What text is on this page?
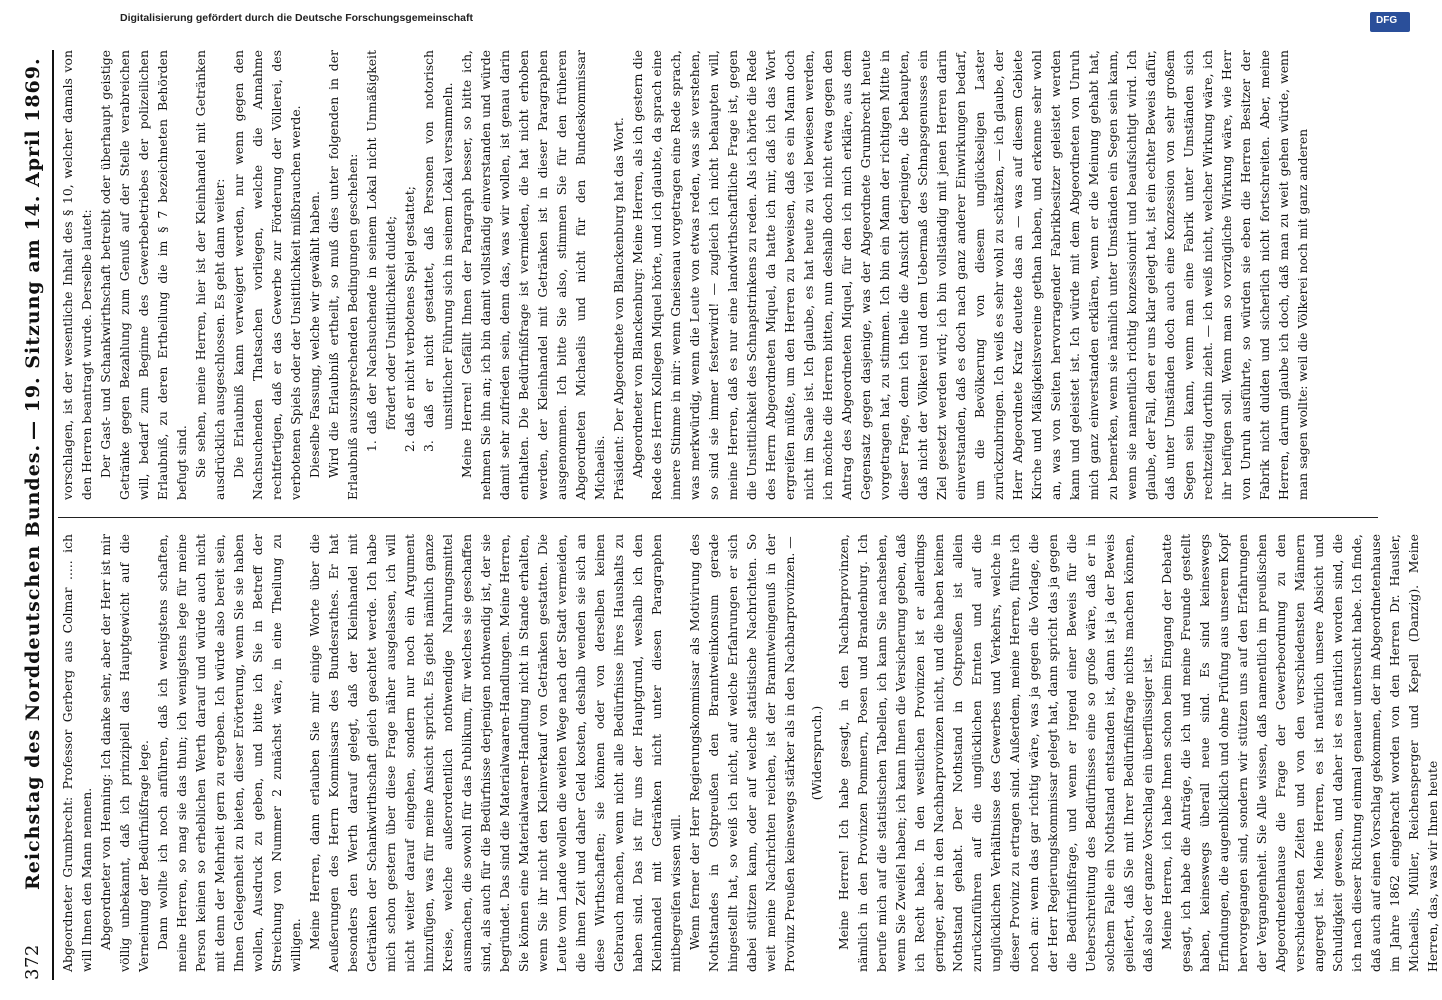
372
Reichstag des Norddeutschen Bundes.
— 19. Sitzung am 14. April 1869.

Abgeordneter Grumbrecht: Professor Gerberg aus Colmar ..... ich will Ihnen den Mann nennen. Abgeordneter von Henning: Ich danke sehr, aber der Herr ist mir völlig unbekannt, daß ich prinzipiell das Hauptgewicht auf die Verneinung der Bedürfnißfrage lege. Dann wollte ich noch anführen, daß ich wenigstens schaften, meine Herren, so mag sie das thun; ich wenigstens lege für meine Person keinen so erheblichen Werth darauf und würde auch nicht mit denn der Mehrheit gern zu ergeben. Ich würde also bereit sein, Ihnen Gelegenheit zu bieten, dieser Erörterung, wenn Sie sie haben wollen, Ausdruck zu geben, und bitte ich Sie in Betreff der Streichung von Nummer 2 zunächst wäre, in eine Theilung zu willigen. Meine Herren, dann erlauben Sie mir einige Worte über die Aeußerungen des Herrn Kommissars des Bundesrathes. Er hat besonders den Werth darauf gelegt, daß der Kleinhandel mit Getränken der Schankwirthschaft gleich geachtet werde. Ich habe mich schon gestern über diese Frage näher ausgelassen, ich will nicht weiter darauf eingehen, sondern nur noch ein Argument hinzufügen, was für meine Ansicht spricht. Es giebt nämlich ganze Kreise, welche außerordentlich nothwendige Nahrungsmittel ausmachen, die sowohl für das Publikum, für welches sie geschaffen sind, als auch für die Bedürfnisse derjenigen nothwendig ist, der sie begründet. Das sind die Materialwaaren-Handlungen. Meine Herren, Sie können eine Materialwaaren-Handlung nicht in Stande erhalten, wenn Sie ihr nicht den Kleinverkauf von Getränken gestatten. Die Leute vom Lande wollen die weiten Wege nach der Stadt vermeiden, die ihnen Zeit und daher Geld kosten, deshalb wenden sie sich an diese Wirthschaften; sie können oder von derselben keinen Gebrauch machen, wenn nicht alle Bedürfnisse ihres Haushalts zu haben sind. Das ist für uns der Hauptgrund, weshalb ich den Kleinhandel mit Getränken nicht unter diesen Paragraphen mitbegreifen wissen will. Wenn ferner der Herr Regierungskommissar als Motivirung des Nothstandes in Ostpreußen den Branntweinkonsum gerade hingestellt hat, so weiß ich nicht, auf welche Erfahrungen er sich dabei stützen kann, oder auf welche statistische Nachrichten. So weit meine Nachrichten reichen, ist der Branntweingenuß in der Provinz Preußen keineswegs stärker als in den Nachbarprovinzen. — (Widerspruch.) Meine Herren! Ich habe gesagt, in den Nachbarprovinzen, nämlich in den Provinzen Pommern, Posen und Brandenburg. Ich berufe mich auf die statistischen Tabellen, ich kann Sie nachsehen, wenn Sie Zweifel haben; ich kann Ihnen die Versicherung geben, daß ich Recht habe. In den westlichen Provinzen ist er allerdings geringer, aber in den Nachbarprovinzen nicht, und die haben keinen Nothstand gehabt. Der Nothstand in Ostpreußen ist allein zurückzuführen auf die unglücklichen Ernten und auf die unglücklichen Verhältnisse des Gewerbes und Verkehrs, welche in dieser Provinz zu ertragen sind. Außerdem, meine Herren, führe ich noch an: wenn das gar richtig wäre, was ja gegen die Vorlage, die der Herr Regierungskommissar gelegt hat, dann spricht das ja gegen die Bedürfnißfrage, und wenn er irgend einer Beweis für die Ueberschreitung des Bedürfnisses eine so große wäre, daß er in solchem Falle ein Nothstand entstanden ist, dann ist ja der Beweis geliefert, daß Sie mit Ihrer Bedürfnißfrage nichts machen können, daß also der ganze Vorschlag ein überflüssiger ist. Meine Herren, ich habe Ihnen schon beim Eingang der Debatte gesagt, ich habe die Anträge, die ich und meine Freunde gestellt haben, keineswegs überall neue sind. Es sind keineswegs Erfindungen, die augenblicklich und ohne Prüfung aus unserem Kopf hervorgegangen sind, sondern wir stützen uns auf den Erfahrungen der Vergangenheit. Sie Alle wissen, daß namentlich im preußischen Abgeordnetenhause die Frage der Gewerbeordnung zu den verschiedensten Zeiten und von den verschiedensten Männern angeregt ist. Meine Herren, es ist natürlich unsere Absicht und Schuldigkeit gewesen, und daher ist es natürlich worden sind, die ich nach dieser Richtung einmal genauer untersucht habe. Ich finde, daß auch auf einen Vorschlag gekommen, der im Abgeordnetenhause im Jahre 1862 eingebracht worden von den Herren Dr. Hausler, Michaelis, Müller, Reichensperger und Kepell (Danzig). Meine Herren, das, was wir Ihnen heute

vorschlagen, ist der wesentliche Inhalt des § 10, welcher damals von den Herren beantragt wurde. Derselbe lautet: Der Gast- und Schankwirthschaft betreibt oder überhaupt geistige Getränke gegen Bezahlung zum Genuß auf der Stelle verabreichen will, bedarf zum Beginne des Gewerbebetriebes der polizeilichen Erlaubniß, zu deren Ertheilung die im § 7 bezeichneten Behörden befugt sind. Sie sehen, meine Herren, hier ist der Kleinhandel mit Getränken ausdrücklich ausgeschlossen. Es geht dann weiter: Die Erlaubniß kann verweigert werden, nur wenn gegen den Nachsuchenden Thatsachen vorliegen, welche die Annahme rechtfertigen, daß er das Gewerbe zur Förderung der Völlerei, des verbotenen Spiels oder der Unsittlichkeit mißbrauchen werde. Dieselbe Fassung, welche wir gewählt haben. Wird die Erlaubniß ertheilt, so muß dies unter folgenden in der Erlaubniß auszusprechenden Bedingungen geschehen: 1. daß der Nachsuchende in seinem Lokal nicht Unmäßigkeit fördert oder Unsittlichkeit duldet; 2. daß er nicht verbotenes Spiel gestattet; 3. daß er nicht gestattet, daß Personen von notorisch unsittlicher Führung sich in seinem Lokal versammeln. Meine Herren! Gefällt Ihnen der Paragraph besser, so bitte ich, nehmen Sie ihn an; ich bin damit vollständig einverstanden und würde damit sehr zufrieden sein, denn das, was wir wollen, ist genau darin enthalten. Die Bedürfnißfrage ist vermieden, die hat nicht erhoben werden, der Kleinhandel mit Getränken ist in dieser Paragraphen ausgenommen. Ich bitte Sie also, stimmen Sie für den früheren Abgeordneten Michaelis und nicht für den Bundeskommissar Michaelis. Präsident: Der Abgeordnete von Blanckenburg hat das Wort. Abgeordneter von Blanckenburg: Meine Herren, als ich gestern die Rede des Herrn Kollegen Miquel hörte, und ich glaubte, da sprach eine innere Stimme in mir: wenn Gneisenau vorgetragen eine Rede sprach, was merkwürdig, wenn die Leute von etwas reden, was sie verstehen, so sind sie immer festerwird! — zugleich ich nicht behaupten will, meine Herren, daß es nur eine landwirthschaftliche Frage ist, gegen die Unsittlichkeit des Schnapstrinkens zu reden. Als ich hörte die Rede des Herrn Abgeordneten Miquel, da hatte ich mir, daß ich das Wort ergreifen müßte, um den Herren zu beweisen, daß es ein Mann doch nicht im Saale ist. Ich glaube, es hat heute zu viel bewiesen werden, ich möchte die Herren bitten, nun deshalb doch nicht etwa gegen den Antrag des Abgeordneten Miquel, für den ich mich erkläre, aus dem Gegensatz gegen dasjenige, was der Abgeordnete Grumbrecht heute vorgetragen hat, zu stimmen. Ich bin ein Mann der richtigen Mitte in dieser Frage, denn ich theile die Ansicht derjenigen, die behaupten, daß nicht der Völkerei und dem Uebermaß des Schnapsgenusses ein Ziel gesetzt werden wird; ich bin vollständig mit jenen Herren darin einverstanden, daß es doch nach ganz anderer Einwirkungen bedarf, um die Bevölkerung von diesem unglückseligen Laster zurückzubringen. Ich weiß es sehr wohl zu schätzen, — ich glaube, der Herr Abgeordnete Kratz deutete das an — was auf diesem Gebiete Kirche und Mäßigkeitsvereine gethan haben, und erkenne sehr wohl an, was von Seiten hervorragender Fabrikbesitzer geleistet werden kann und geleistet ist. Ich würde mit dem Abgeordneten von Unruh mich ganz einverstanden erklären, wenn er die Meinung gehabt hat, zu bemerken, wenn sie nämlich unter Umständen ein Segen sein kann, wenn sie namentlich richtig konzessionirt und beaufsichtigt wird. Ich glaube, der Fall, den er uns klar gelegt hat, ist ein echter Beweis dafür, daß unter Umständen doch auch eine Konzession von sehr großem Segen sein kann, wenn man eine Fabrik unter Umständen sich rechtzeitig dorthin zieht. — ich weiß nicht, welcher Wirkung wäre, ich ihr beifügen soll. Wenn man so vorzügliche Wirkung wäre, wie Herr von Unruh ausführte, so würden sie eben die Herren Besitzer der Fabrik nicht dulden und sicherlich nicht fortschreiten. Aber, meine Herren, darum glaube ich doch, daß man zu weit gehen würde, wenn man sagen wollte: weil die Völkerei noch mit ganz anderen

Digitalisierung gefördert durch die Deutsche Forschungsgemeinschaft	DFG
